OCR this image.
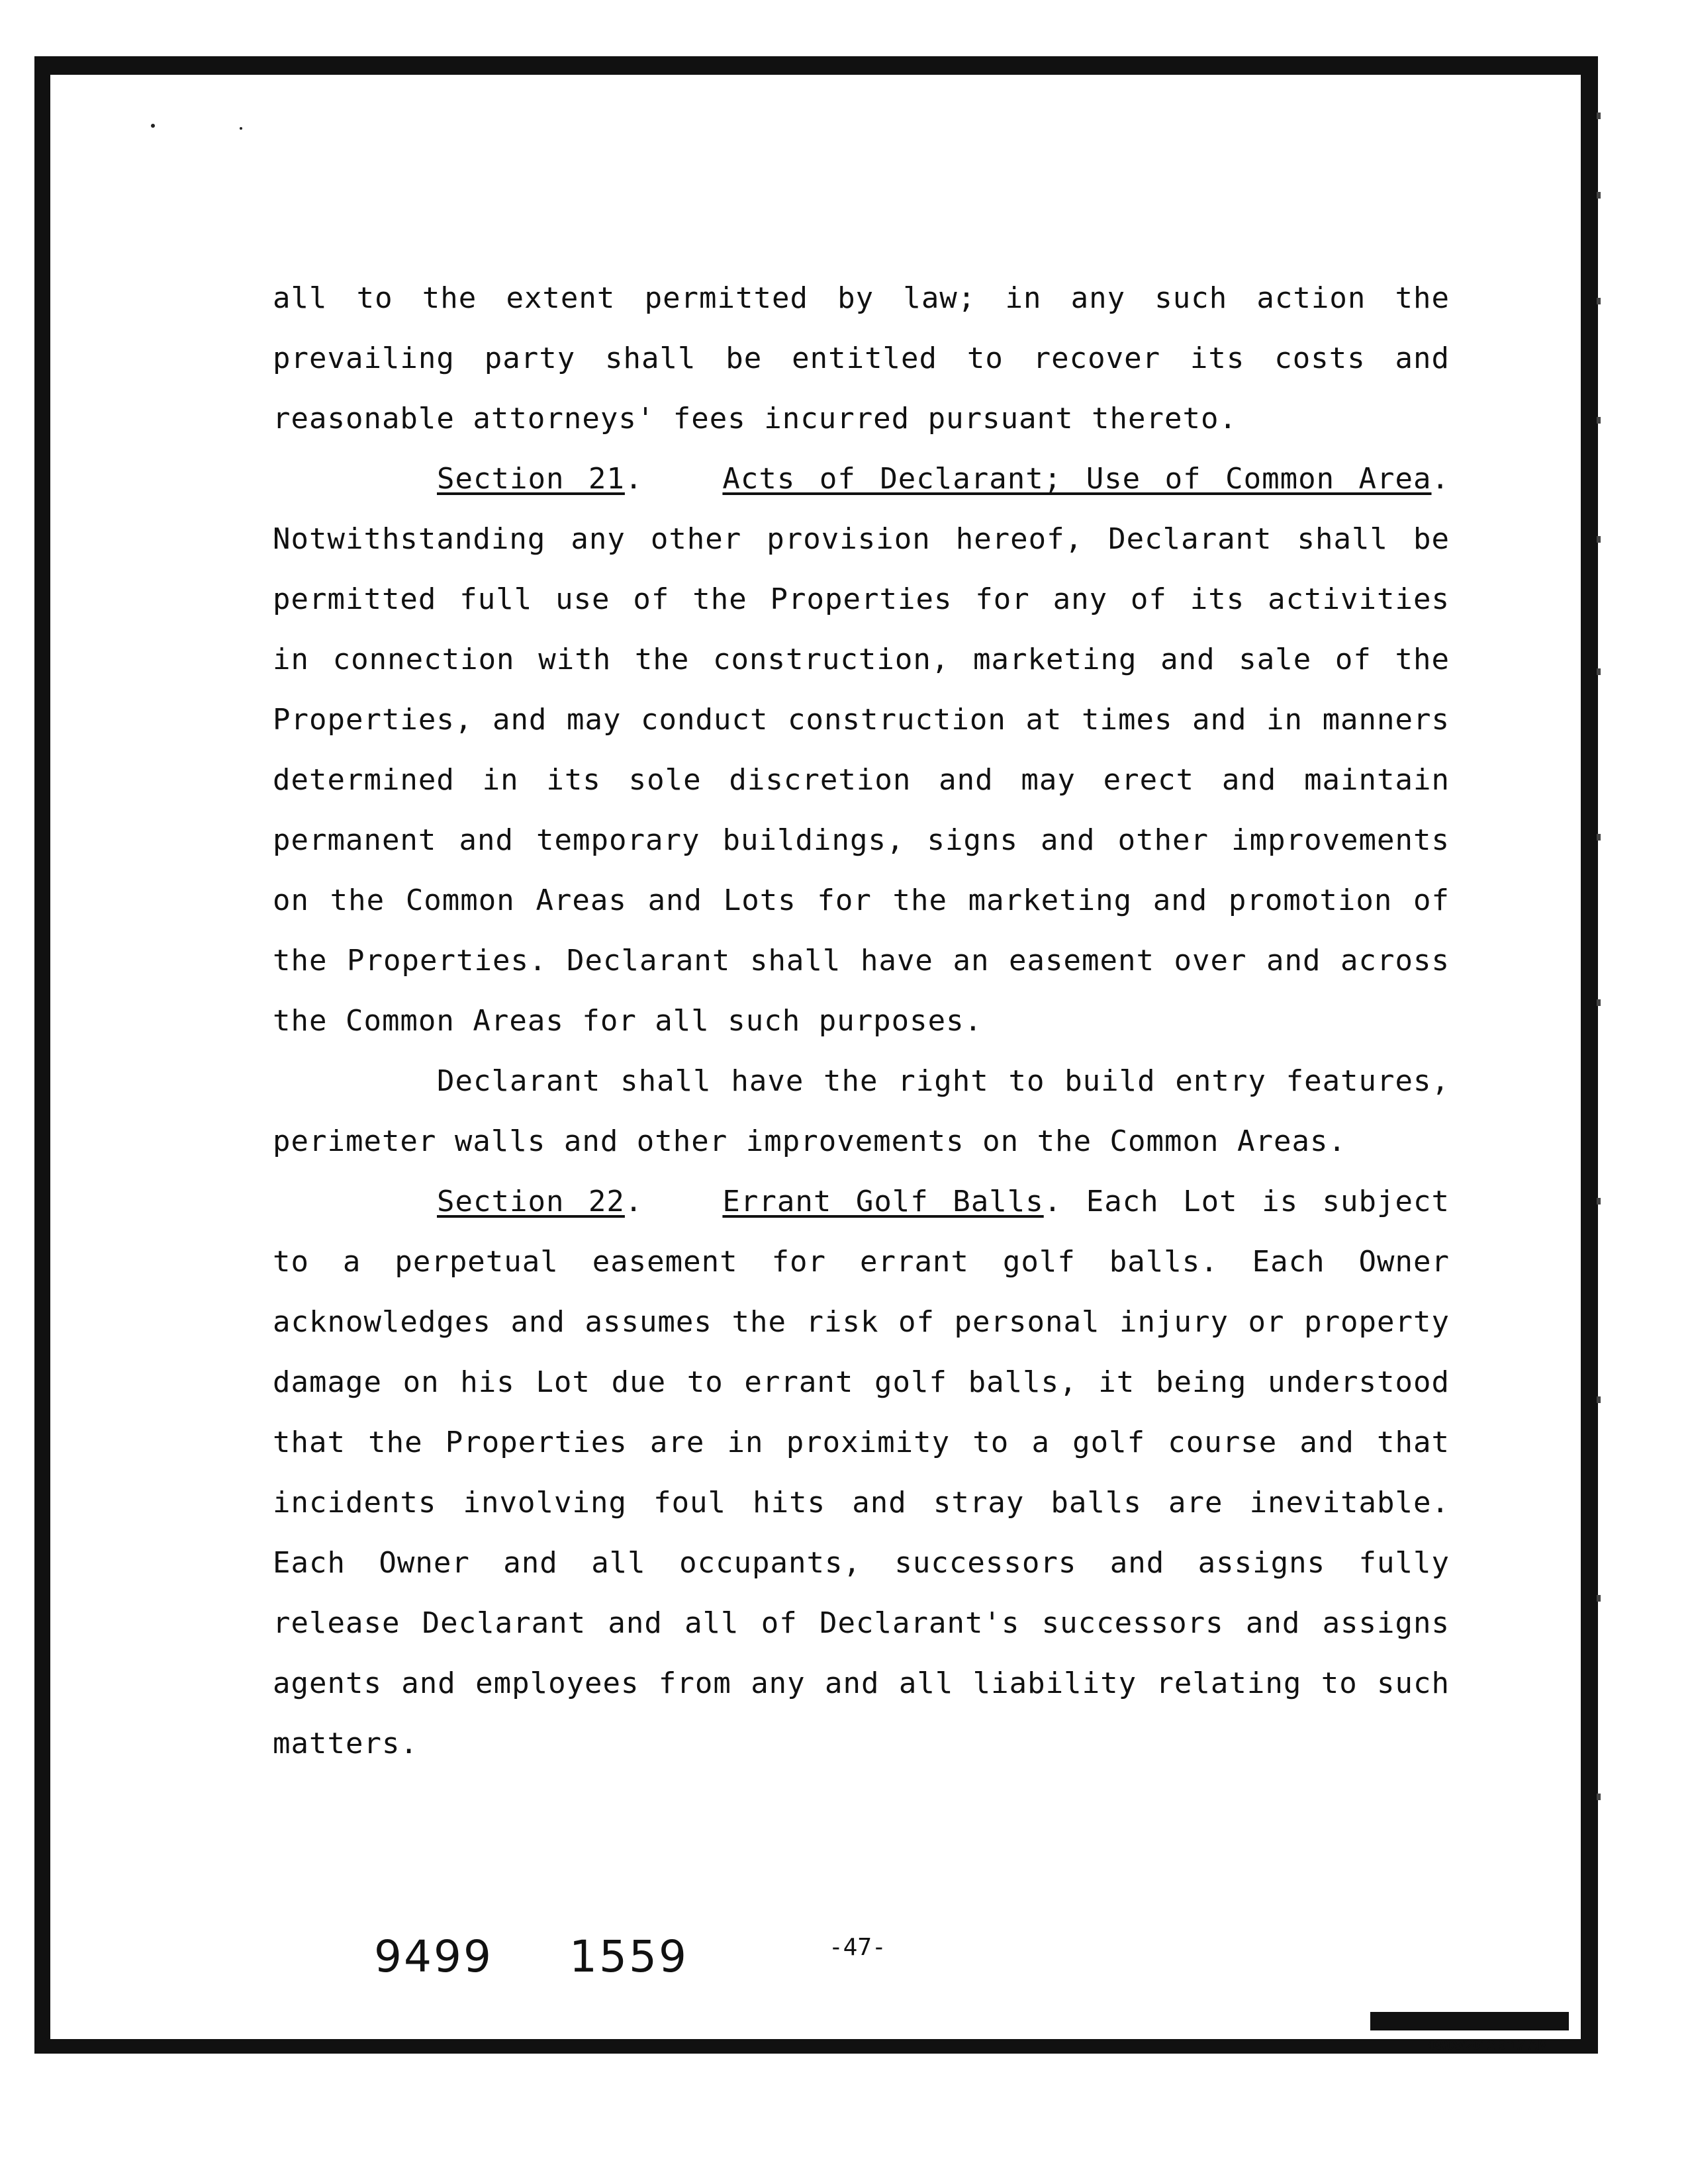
all to the extent permitted by law; in any such action the prevailing party shall be entitled to recover its costs and reasonable attorneys' fees incurred pursuant thereto.

Section 21.	Acts of Declarant; Use of Common Area. Notwithstanding any other provision hereof, Declarant shall be permitted full use of the Properties for any of its activities in connection with the construction, marketing and sale of the Properties, and may conduct construction at times and in manners determined in its sole discretion and may erect and maintain permanent and temporary buildings, signs and other improvements on the Common Areas and Lots for the marketing and promotion of the Properties. Declarant shall have an easement over and across the Common Areas for all such purposes.

Declarant shall have the right to build entry features, perimeter walls and other improvements on the Common Areas.

Section 22.	Errant Golf Balls. Each Lot is subject to a perpetual easement for errant golf balls. Each Owner acknowledges and assumes the risk of personal injury or property damage on his Lot due to errant golf balls, it being understood that the Properties are in proximity to a golf course and that incidents involving foul hits and stray balls are inevitable. Each Owner and all occupants, successors and assigns fully release Declarant and all of Declarant's successors and assigns agents and employees from any and all liability relating to such matters.

9499 1559	-47-
03/09/2012 9:17 AM
